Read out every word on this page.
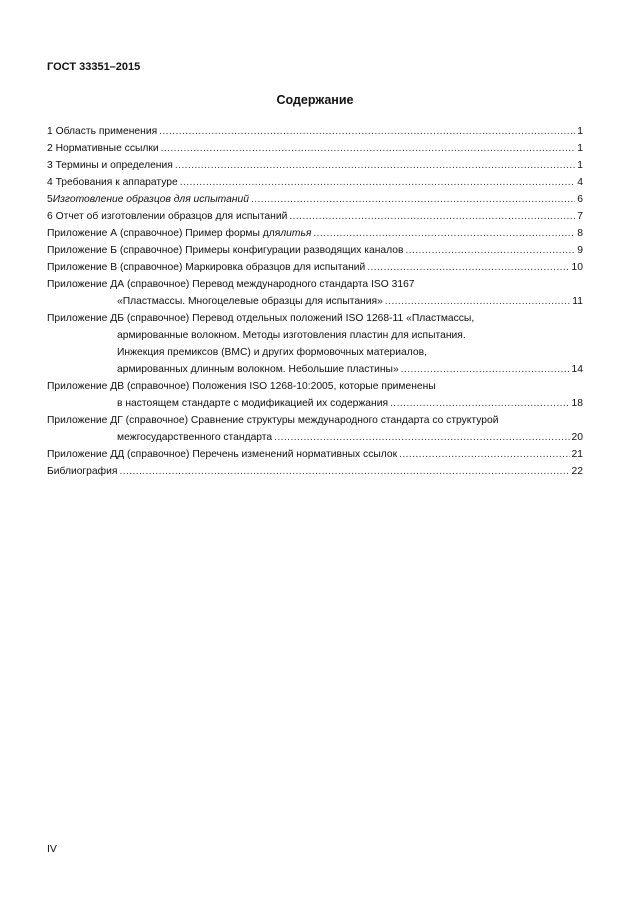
ГОСТ 33351–2015
Содержание
1 Область применения .....	1
2 Нормативные ссылки .....	1
3 Термины и определения .....	1
4 Требования к аппаратуре .....	4
5 Изготовление образцов для испытаний .....	6
6 Отчет об изготовлении образцов для испытаний .....	7
Приложение А (справочное) Пример формы для литья .....	8
Приложение Б (справочное) Примеры конфигурации разводящих каналов .....	9
Приложение В (справочное) Маркировка образцов для испытаний .....	10
Приложение ДА (справочное) Перевод международного стандарта ISO 3167
«Пластмассы. Многоцелевые образцы для испытания» .....	11
Приложение ДБ (справочное) Перевод отдельных положений ISO 1268-11 «Пластмассы,
армированные волокном. Методы изготовления пластин для испытания.
Инжекция премиксов (ВМС) и других формовочных материалов,
армированных длинным волокном. Небольшие пластины» .....	14
Приложение ДВ (справочное) Положения ISO 1268-10:2005, которые применены
в настоящем стандарте с модификацией их содержания .....	18
Приложение ДГ (справочное) Сравнение структуры международного стандарта со структурой
межгосударственного стандарта .....	20
Приложение ДД (справочное) Перечень изменений нормативных ссылок .....	21
Библиография .....	22
IV
